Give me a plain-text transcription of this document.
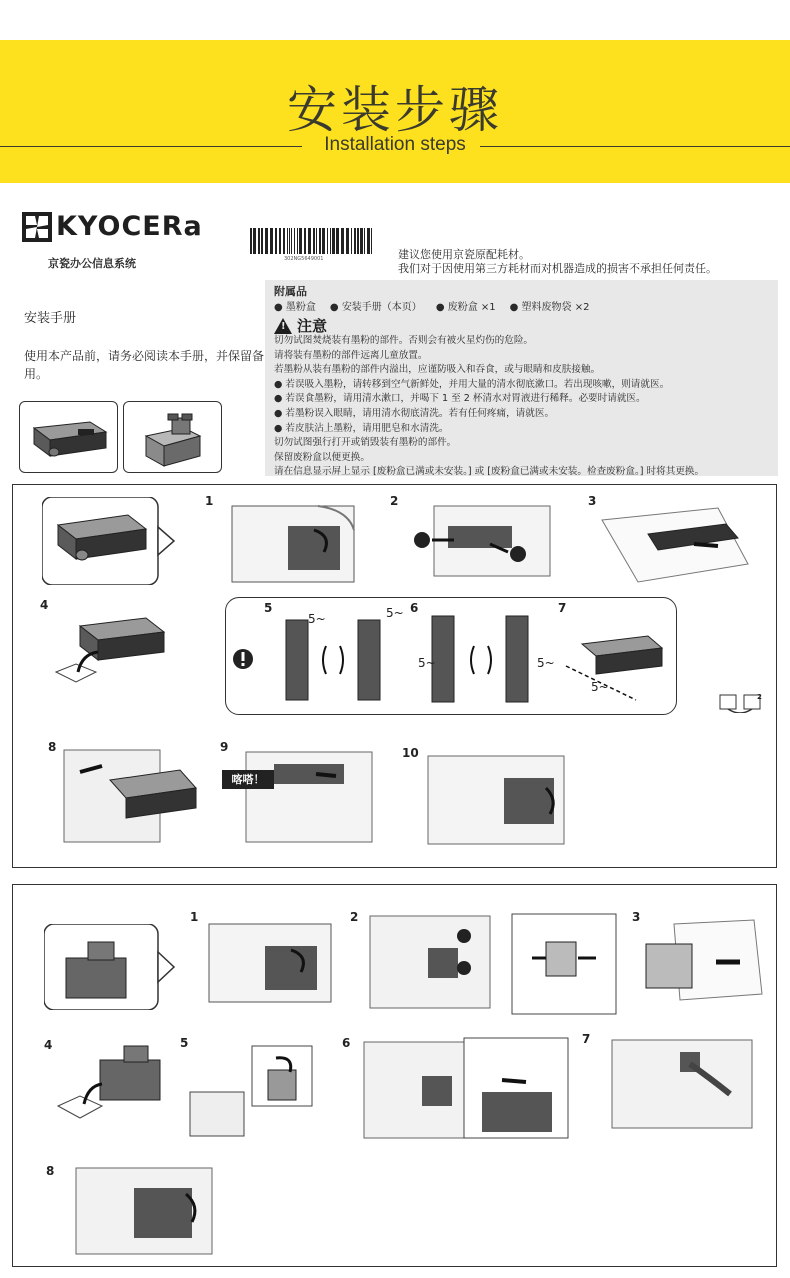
安装步骤
Installation steps
KYOCERa
京瓷办公信息系统	302NG5649001	建议您使用京瓷原配耗材。
我们对于因使用第三方耗材而对机器造成的损害不承担任何责任。
安装手册
使用本产品前，请务必阅读本手册，并保留备用。
附属品
● 墨粉盒	● 安装手册（本页）	● 废粉盒 ×1	● 塑料废物袋 ×2
!
注意
切勿试图焚烧装有墨粉的部件。否则会有被火星灼伤的危险。
请将装有墨粉的部件远离儿童放置。
若墨粉从装有墨粉的部件内溢出，应谨防吸入和吞食，或与眼睛和皮肤接触。
● 若误吸入墨粉，请转移到空气新鲜处，并用大量的清水彻底漱口。若出现咳嗽，则请就医。
● 若误食墨粉，请用清水漱口，并喝下 1 至 2 杯清水对胃液进行稀释。必要时请就医。
● 若墨粉误入眼睛，请用清水彻底清洗。若有任何疼痛，请就医。
● 若皮肤沾上墨粉，请用肥皂和水清洗。
切勿试图强行打开或销毁装有墨粉的部件。
保留废粉盒以便更换。
请在信息显示屏上显示 [废粉盒已满或未安装。] 或 [废粉盒已满或未安装。检查废粉盒。] 时将其更换。
1	2	3
4	5	6	7
5~	5~
5~	5~
5~
2
8	9
喀嗒！
10
1	2	3
4	5	6	7
8
